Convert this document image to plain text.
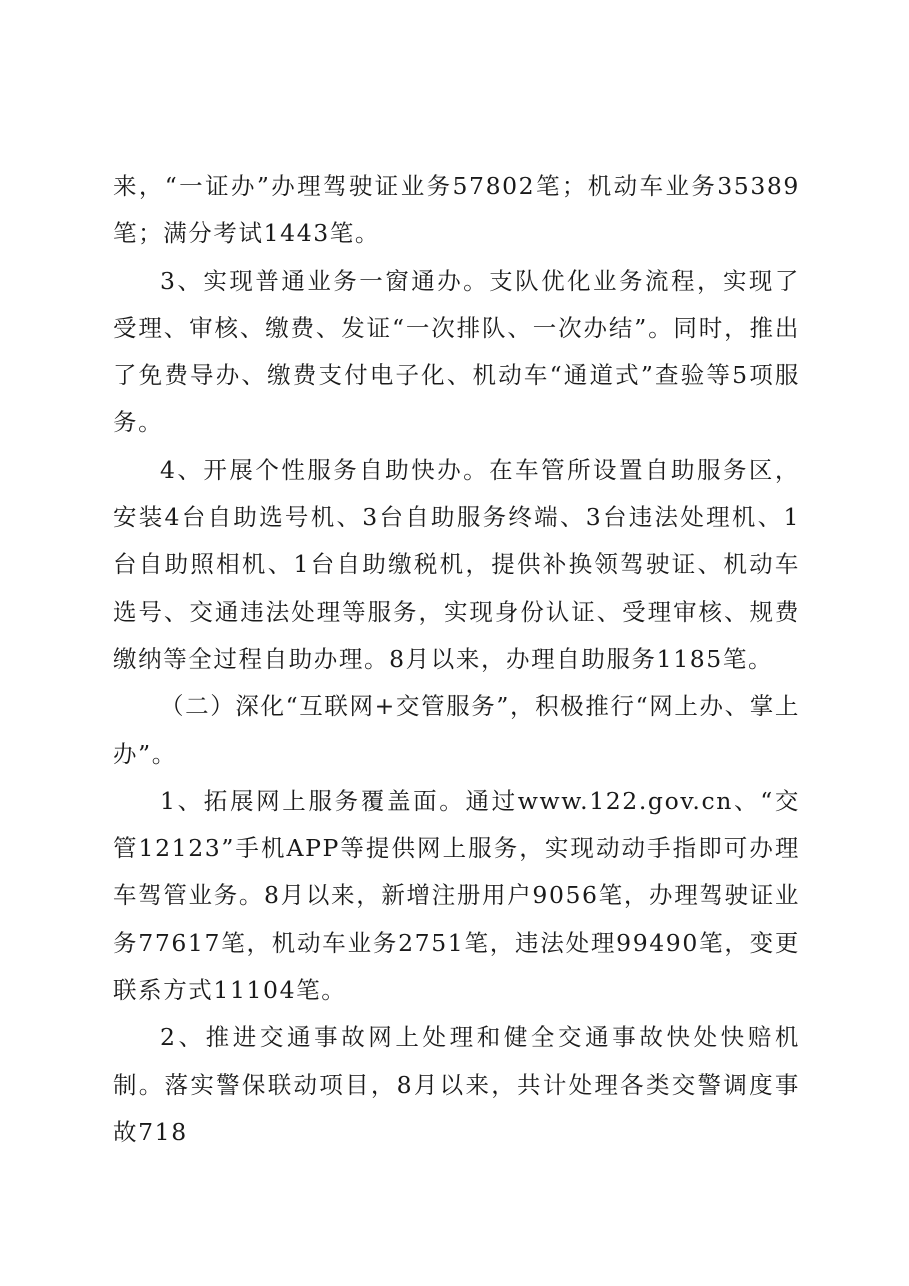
来，“一证办”办理驾驶证业务57802笔；机动车业务35389笔；满分考试1443笔。

3、实现普通业务一窗通办。支队优化业务流程，实现了受理、审核、缴费、发证“一次排队、一次办结”。同时，推出了免费导办、缴费支付电子化、机动车“通道式”查验等5项服务。

4、开展个性服务自助快办。在车管所设置自助服务区，安装4台自助选号机、3台自助服务终端、3台违法处理机、1台自助照相机、1台自助缴税机，提供补换领驾驶证、机动车选号、交通违法处理等服务，实现身份认证、受理审核、规费缴纳等全过程自助办理。8月以来，办理自助服务1185笔。

（二）深化“互联网+交管服务”，积极推行“网上办、掌上办”。

1、拓展网上服务覆盖面。通过www.122.gov.cn、“交管12123”手机APP等提供网上服务，实现动动手指即可办理车驾管业务。8月以来，新增注册用户9056笔，办理驾驶证业务77617笔，机动车业务2751笔，违法处理99490笔，变更联系方式11104笔。

2、推进交通事故网上处理和健全交通事故快处快赔机制。落实警保联动项目，8月以来，共计处理各类交警调度事故718
